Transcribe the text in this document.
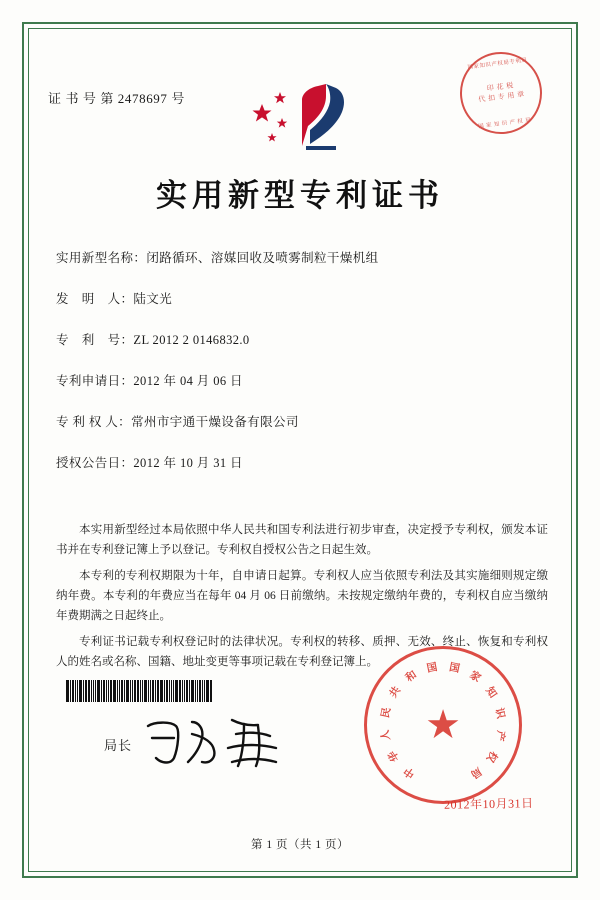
证 书 号 第 2478697 号
国家知识产权局专利局
印 花 税
代 扣 专 用 章
国 家 知 识 产 权 局
实用新型专利证书
实用新型名称：闭路循环、溶媒回收及喷雾制粒干燥机组
发　明　人：陆文光
专　利　号：ZL 2012 2 0146832.0
专利申请日：2012 年 04 月 06 日
专 利 权 人：常州市宇通干燥设备有限公司
授权公告日：2012 年 10 月 31 日
本实用新型经过本局依照中华人民共和国专利法进行初步审查，决定授予专利权，颁发本证书并在专利登记簿上予以登记。专利权自授权公告之日起生效。
本专利的专利权期限为十年，自申请日起算。专利权人应当依照专利法及其实施细则规定缴纳年费。本专利的年费应当在每年 04 月 06 日前缴纳。未按规定缴纳年费的，专利权自应当缴纳年费期满之日起终止。
专利证书记载专利权登记时的法律状况。专利权的转移、质押、无效、终止、恢复和专利权人的姓名或名称、国籍、地址变更等事项记载在专利登记簿上。
局长
中
华
人
民
共
和
国 国
家
知
识
产
权
局
★
2012年10月31日
第 1 页（共 1 页）
